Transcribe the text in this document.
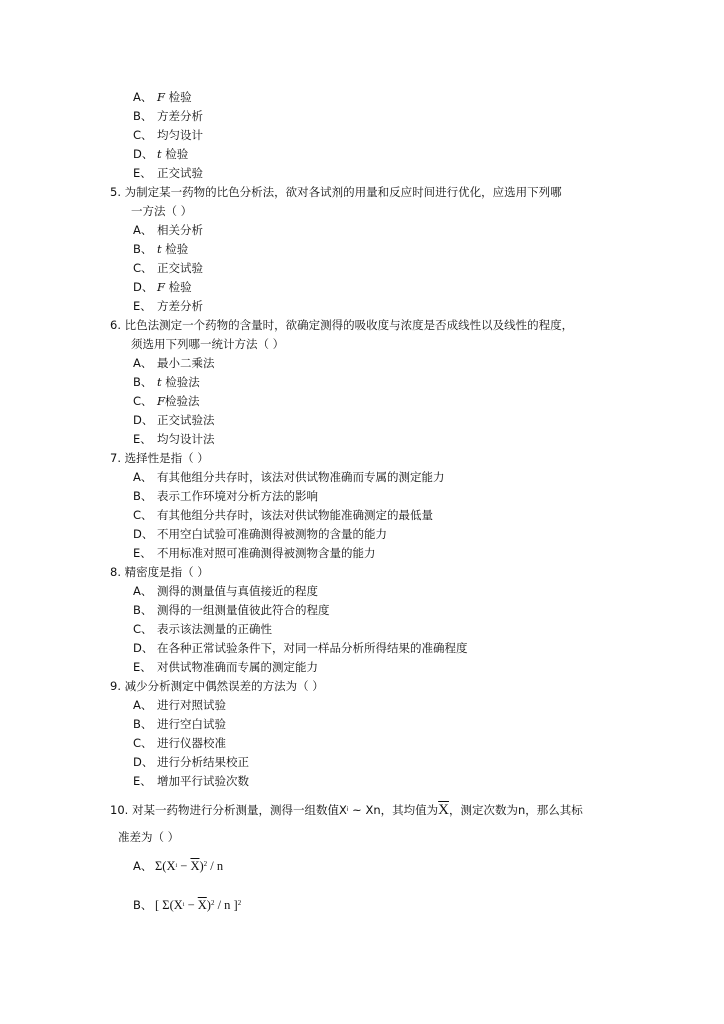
A、 F 检验
B、 方差分析
C、 均匀设计
D、 t 检验
E、 正交试验
5. 为制定某一药物的比色分析法，欲对各试剂的用量和反应时间进行优化，应选用下列哪
一方法（ ）
A、 相关分析
B、 t 检验
C、 正交试验
D、 F 检验
E、 方差分析
6. 比色法测定一个药物的含量时，欲确定测得的吸收度与浓度是否成线性以及线性的程度，
须选用下列哪一统计方法（ ）
A、 最小二乘法
B、 t 检验法
C、 F检验法
D、 正交试验法
E、 均匀设计法
7. 选择性是指（ ）
A、 有其他组分共存时，该法对供试物准确而专属的测定能力
B、 表示工作环境对分析方法的影响
C、 有其他组分共存时，该法对供试物能准确测定的最低量
D、 不用空白试验可准确测得被测物的含量的能力
E、 不用标准对照可准确测得被测物含量的能力
8. 精密度是指（ ）
A、 测得的测量值与真值接近的程度
B、 测得的一组测量值彼此符合的程度
C、 表示该法测量的正确性
D、 在各种正常试验条件下，对同一样品分析所得结果的准确程度
E、 对供试物准确而专属的测定能力
9. 减少分析测定中偶然误差的方法为（ ）
A、 进行对照试验
B、 进行空白试验
C、 进行仪器校准
D、 进行分析结果校正
E、 增加平行试验次数
10. 对某一药物进行分析测量，测得一组数值Xi ~ Xn，其均值为$\overline{X}$，测定次数为n，那么其标
准差为（ ）
A、 $\Sigma(Xi - \overline{X})^2 / n$
B、 [ $\Sigma(Xi - \overline{X})^2 / n$ ]$^2$
